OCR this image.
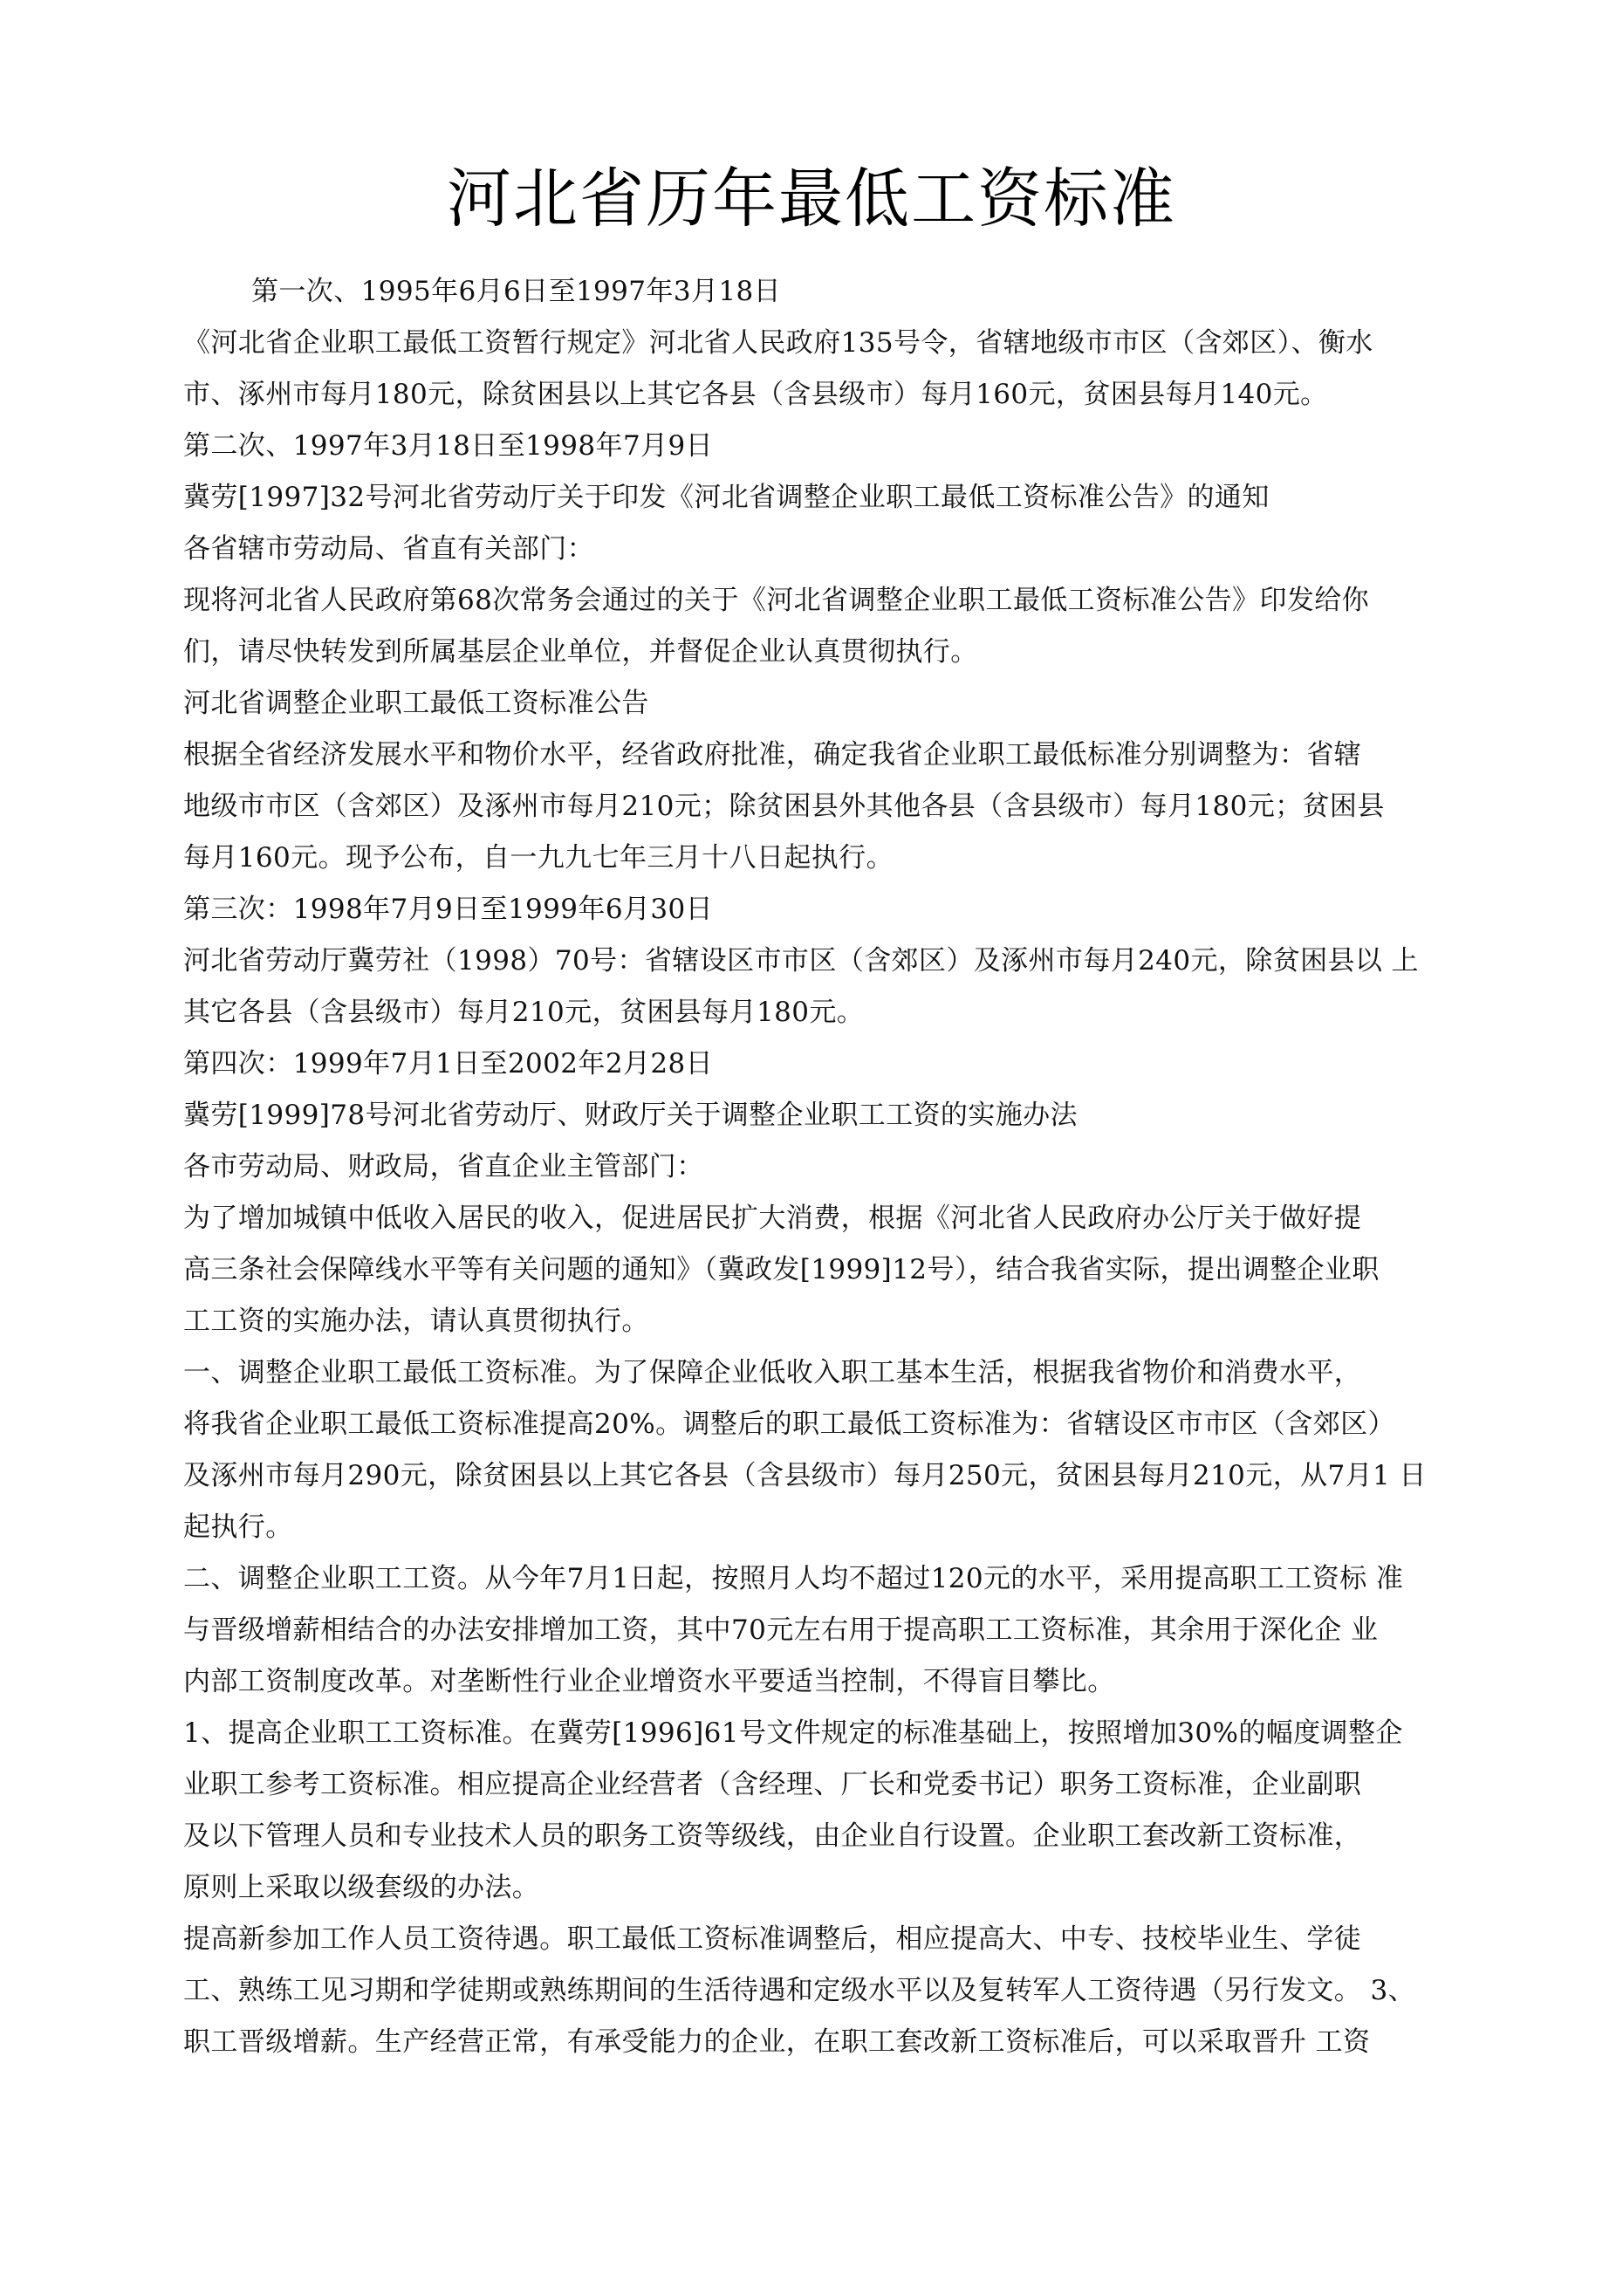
河北省历年最低工资标准

第一次、1995年6月6日至1997年3月18日

《河北省企业职工最低工资暂行规定》河北省人民政府135号令，省辖地级市市区（含郊区）、衡水

市、涿州市每月180元，除贫困县以上其它各县（含县级市）每月160元，贫困县每月140元。

第二次、1997年3月18日至1998年7月9日

冀劳[1997]32号河北省劳动厅关于印发《河北省调整企业职工最低工资标准公告》的通知

各省辖市劳动局、省直有关部门：

现将河北省人民政府第68次常务会通过的关于《河北省调整企业职工最低工资标准公告》印发给你

们，请尽快转发到所属基层企业单位，并督促企业认真贯彻执行。

河北省调整企业职工最低工资标准公告

根据全省经济发展水平和物价水平，经省政府批准，确定我省企业职工最低标准分别调整为：省辖

地级市市区（含郊区）及涿州市每月210元；除贫困县外其他各县（含县级市）每月180元；贫困县

每月160元。现予公布，自一九九七年三月十八日起执行。

第三次：1998年7月9日至1999年6月30日

河北省劳动厅冀劳社（1998）70号：省辖设区市市区（含郊区）及涿州市每月240元，除贫困县以 上

其它各县（含县级市）每月210元，贫困县每月180元。

第四次：1999年7月1日至2002年2月28日

冀劳[1999]78号河北省劳动厅、财政厅关于调整企业职工工资的实施办法

各市劳动局、财政局，省直企业主管部门：

为了增加城镇中低收入居民的收入，促进居民扩大消费，根据《河北省人民政府办公厅关于做好提

高三条社会保障线水平等有关问题的通知》（冀政发[1999]12号），结合我省实际，提出调整企业职

工工资的实施办法，请认真贯彻执行。

一、调整企业职工最低工资标准。为了保障企业低收入职工基本生活，根据我省物价和消费水平，

将我省企业职工最低工资标准提高20%。调整后的职工最低工资标准为：省辖设区市市区（含郊区）

及涿州市每月290元，除贫困县以上其它各县（含县级市）每月250元，贫困县每月210元，从7月1 日

起执行。

二、调整企业职工工资。从今年7月1日起，按照月人均不超过120元的水平，采用提高职工工资标 准

与晋级增薪相结合的办法安排增加工资，其中70元左右用于提高职工工资标准，其余用于深化企 业

内部工资制度改革。对垄断性行业企业增资水平要适当控制，不得盲目攀比。

1、提高企业职工工资标准。在冀劳[1996]61号文件规定的标准基础上，按照增加30%的幅度调整企

业职工参考工资标准。相应提高企业经营者（含经理、厂长和党委书记）职务工资标准，企业副职

及以下管理人员和专业技术人员的职务工资等级线，由企业自行设置。企业职工套改新工资标准，

原则上采取以级套级的办法。

提高新参加工作人员工资待遇。职工最低工资标准调整后，相应提高大、中专、技校毕业生、学徒

工、熟练工见习期和学徒期或熟练期间的生活待遇和定级水平以及复转军人工资待遇（另行发文。 3、

职工晋级增薪。生产经营正常，有承受能力的企业，在职工套改新工资标准后，可以采取晋升 工资
